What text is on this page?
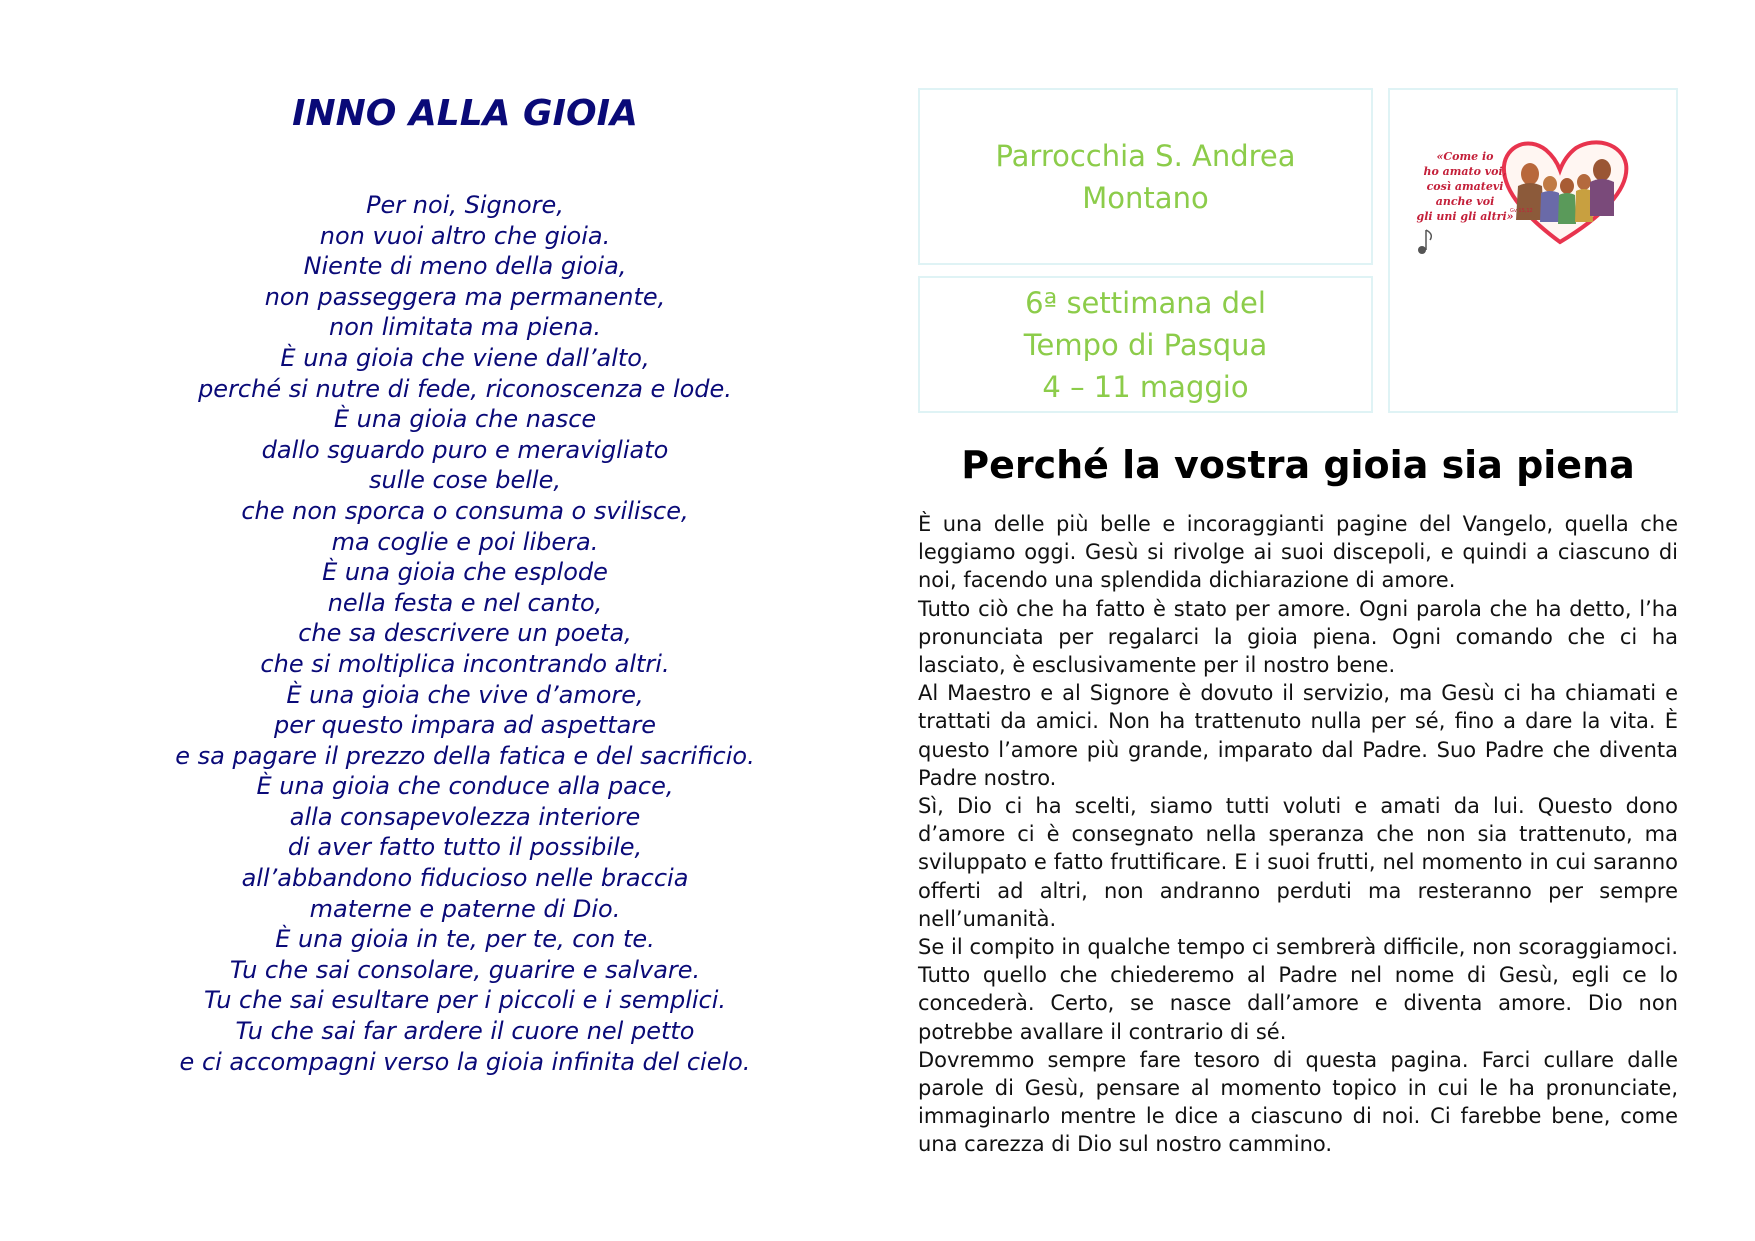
INNO ALLA GIOIA
Per noi, Signore,
non vuoi altro che gioia.
Niente di meno della gioia,
non passeggera ma permanente,
non limitata ma piena.
È una gioia che viene dall’alto,
perché si nutre di fede, riconoscenza e lode.
È una gioia che nasce
dallo sguardo puro e meravigliato
sulle cose belle,
che non sporca o consuma o svilisce,
ma coglie e poi libera.
È una gioia che esplode
nella festa e nel canto,
che sa descrivere un poeta,
che si moltiplica incontrando altri.
È una gioia che vive d’amore,
per questo impara ad aspettare
e sa pagare il prezzo della fatica e del sacrificio.
È una gioia che conduce alla pace,
alla consapevolezza interiore
di aver fatto tutto il possibile,
all’abbandono fiducioso nelle braccia
materne e paterne di Dio.
È una gioia in te, per te, con te.
Tu che sai consolare, guarire e salvare.
Tu che sai esultare per i piccoli e i semplici.
Tu che sai far ardere il cuore nel petto
e ci accompagni verso la gioia infinita del cielo.
Parrocchia S. Andrea
Montano
6ª settimana del
Tempo di Pasqua
4 – 11 maggio
«Come io
ho amato voi,
così amatevi
anche voi
gli uni gli altri»
Gv 15,12
Perché la vostra gioia sia piena

È una delle più belle e incoraggianti pagine del Vangelo, quella che leggiamo oggi. Gesù si rivolge ai suoi discepoli, e quindi a ciascuno di noi, facendo una splendida dichiarazione di amore.

Tutto ciò che ha fatto è stato per amore. Ogni parola che ha detto, l’ha pronunciata per regalarci la gioia piena. Ogni comando che ci ha lasciato, è esclusivamente per il nostro bene.

Al Maestro e al Signore è dovuto il servizio, ma Gesù ci ha chiamati e trattati da amici. Non ha trattenuto nulla per sé, fino a dare la vita. È questo l’amore più grande, imparato dal Padre. Suo Padre che diventa Padre nostro.

Sì, Dio ci ha scelti, siamo tutti voluti e amati da lui. Questo dono d’amore ci è consegnato nella speranza che non sia trattenuto, ma sviluppato e fatto fruttificare. E i suoi frutti, nel momento in cui saranno offerti ad altri, non andranno perduti ma resteranno per sempre nell’umanità.

Se il compito in qualche tempo ci sembrerà difficile, non scoraggiamoci. Tutto quello che chiederemo al Padre nel nome di Gesù, egli ce lo concederà. Certo, se nasce dall’amore e diventa amore. Dio non potrebbe avallare il contrario di sé.

Dovremmo sempre fare tesoro di questa pagina. Farci cullare dalle parole di Gesù, pensare al momento topico in cui le ha pronunciate, immaginarlo mentre le dice a ciascuno di noi. Ci farebbe bene, come una carezza di Dio sul nostro cammino.
